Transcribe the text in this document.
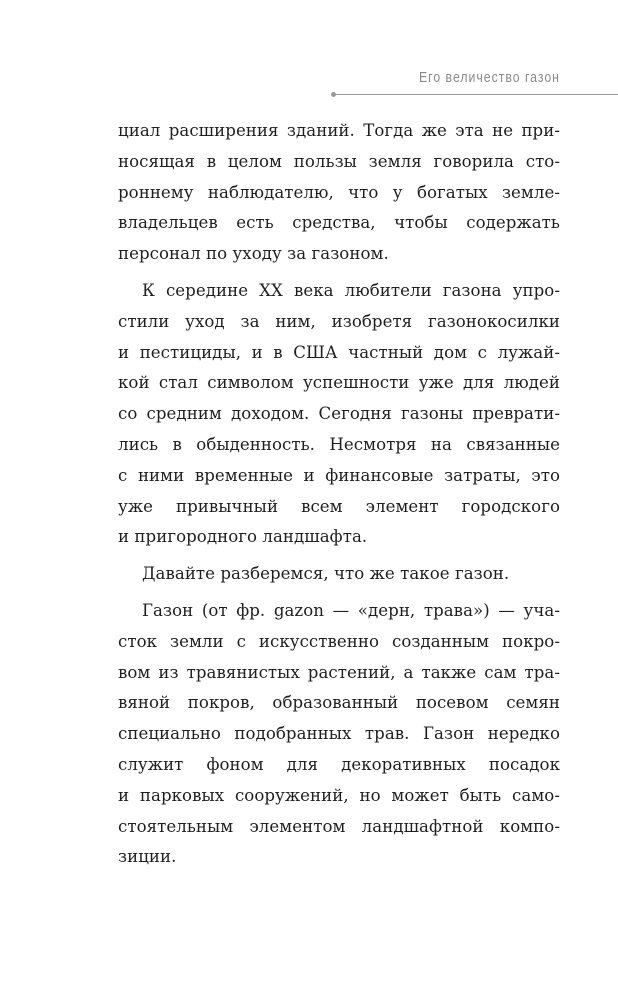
Его величество газон
циал расширения зданий. Тогда же эта не при-
носящая в целом пользы земля говорила сто-
роннему наблюдателю, что у богатых земле-
владельцев есть средства, чтобы содержать
персонал по уходу за газоном.
К середине XX века любители газона упро-
стили уход за ним, изобретя газонокосилки
и пестициды, и в США частный дом с лужай-
кой стал символом успешности уже для людей
со средним доходом. Сегодня газоны преврати-
лись в обыденность. Несмотря на связанные
с ними временные и финансовые затраты, это
уже привычный всем элемент городского
и пригородного ландшафта.
Давайте разберемся, что же такое газон.
Газон (от фр. gazon — «дерн, трава») — уча-
сток земли с искусственно созданным покро-
вом из травянистых растений, а также сам тра-
вяной покров, образованный посевом семян
специально подобранных трав. Газон нередко
служит фоном для декоративных посадок
и парковых сооружений, но может быть само-
стоятельным элементом ландшафтной компо-
зиции.
